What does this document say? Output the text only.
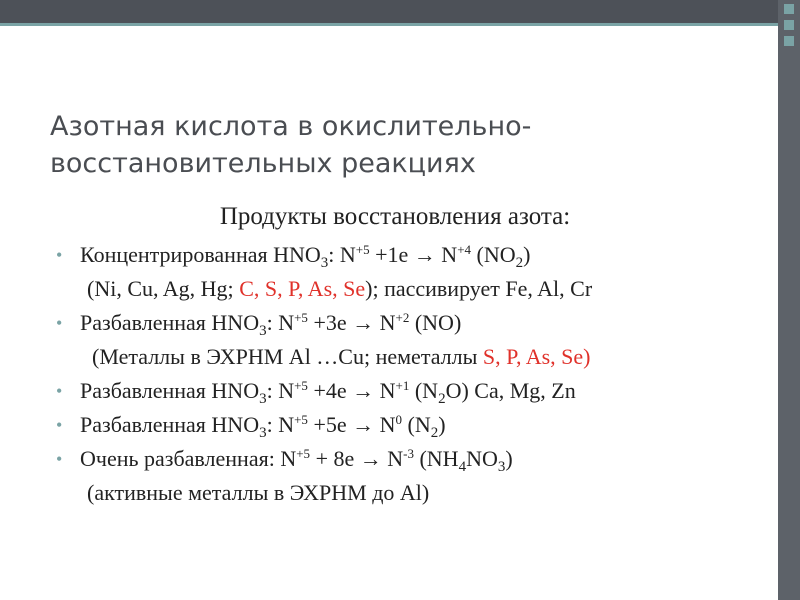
Азотная кислота в окислительно-
восстановительных реакциях
Продукты восстановления азота:
• Концентрированная $HNO_3$: $N^{+5} +1e \to N^{+4}$ $(NO_2)$
(Ni, Cu, Ag, Hg; C, S, P, As, Se); пассивирует Fe, Al, Cr
• Разбавленная $HNO_3$: $N^{+5} +3e \to N^{+2}$ (NO)
(Металлы в ЭХРНМ Al …Cu; неметаллы S, P, As, Se)
• Разбавленная $HNO_3$: $N^{+5} +4e \to N^{+1}$ $(N_2O)$ Ca, Mg, Zn
• Разбавленная $HNO_3$: $N^{+5} +5e \to N^0$ $(N_2)$
• Очень разбавленная: $N^{+5} + 8e \to N^{-3}$ $(NH_4NO_3)$
(активные металлы в ЭХРНМ до Al)
